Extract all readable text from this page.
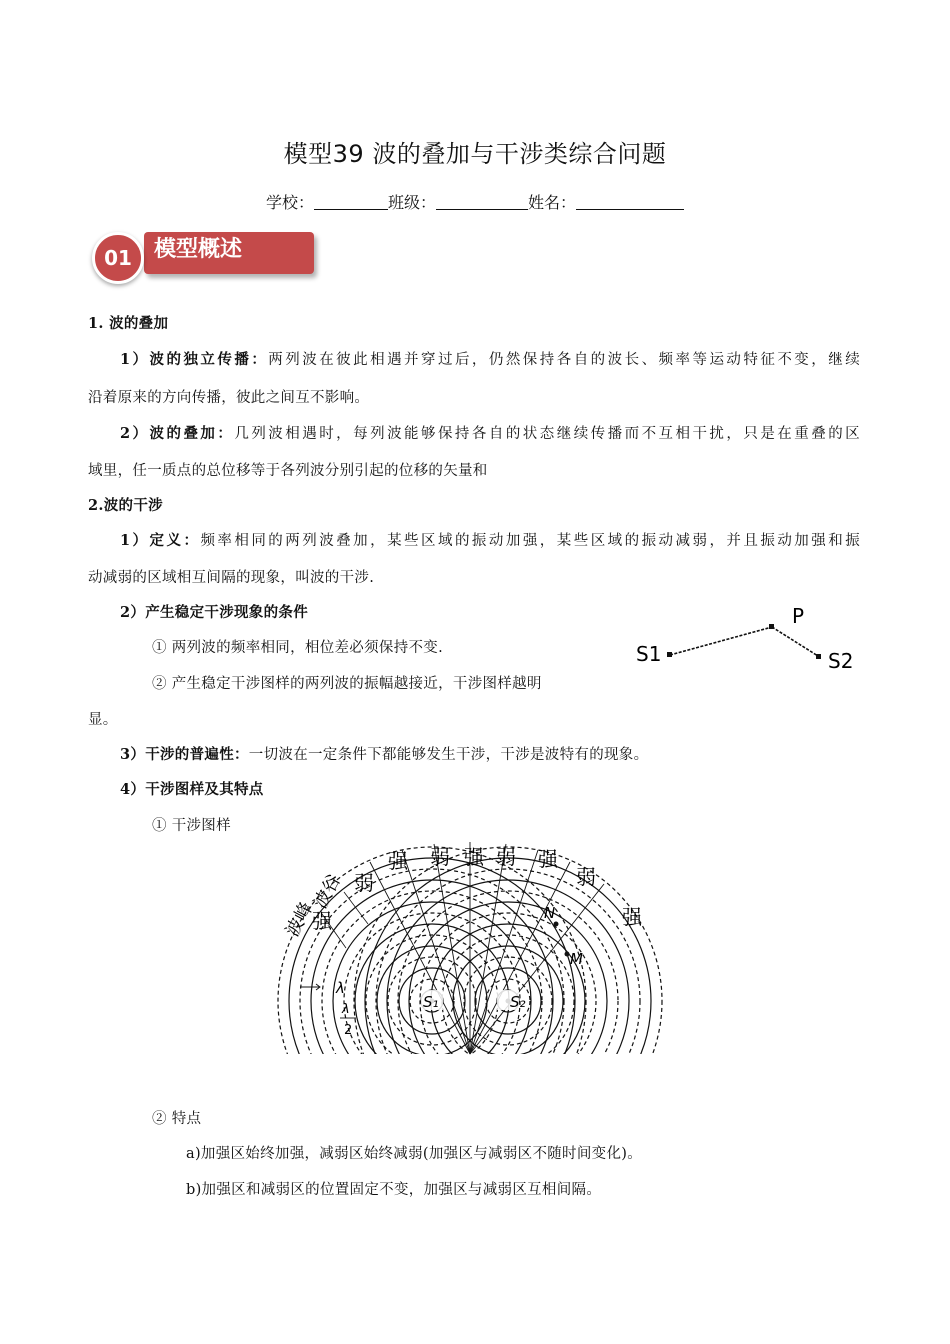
模型39 波的叠加与干涉类综合问题
学校：	班级：	姓名：
模型概述
01
1. 波的叠加
1）波的独立传播：两列波在彼此相遇并穿过后，仍然保持各自的波长、频率等运动特征不变，继续
沿着原来的方向传播，彼此之间互不影响。
2）波的叠加：几列波相遇时，每列波能够保持各自的状态继续传播而不互相干扰，只是在重叠的区
域里，任一质点的总位移等于各列波分别引起的位移的矢量和
2.波的干涉
1）定义：频率相同的两列波叠加，某些区域的振动加强，某些区域的振动减弱，并且振动加强和振
动减弱的区域相互间隔的现象，叫波的干涉.
2）产生稳定干涉现象的条件
① 两列波的频率相同，相位差必须保持不变.
② 产生稳定干涉图样的两列波的振幅越接近，干涉图样越明
显。
S1
P
S2
3）干涉的普遍性：一切波在一定条件下都能够发生干涉，干涉是波特有的现象。
4）干涉图样及其特点
① 干涉图样
S₁	S₂
强 弱 强 弱 强
弱
强
弱
强
波峰
波谷
N
M
λ
λ
2
② 特点
a)加强区始终加强，减弱区始终减弱(加强区与减弱区不随时间变化)。
b)加强区和减弱区的位置固定不变，加强区与减弱区互相间隔。
